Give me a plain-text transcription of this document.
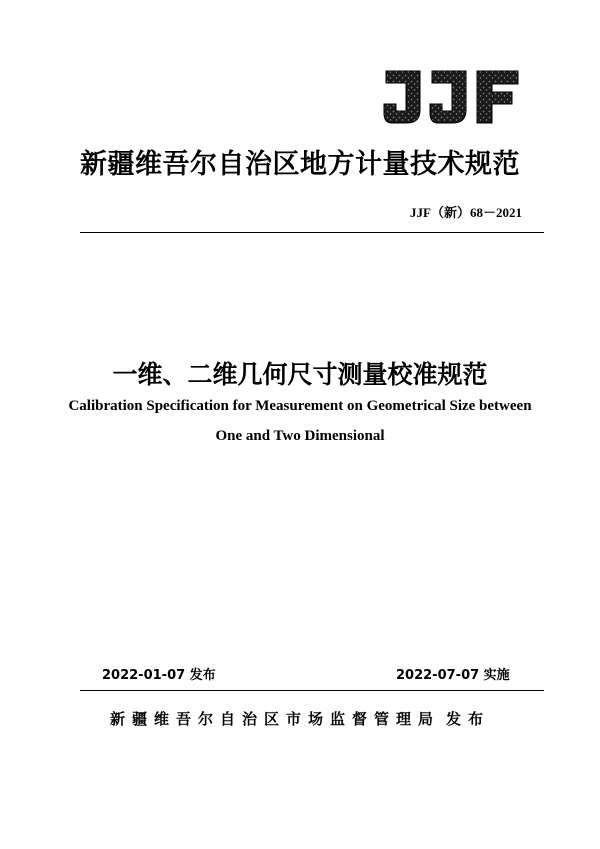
新疆维吾尔自治区地方计量技术规范
JJF（新）68－2021
一维、二维几何尺寸测量校准规范
Calibration Specification for Measurement on Geometrical Size between
One and Two Dimensional
2022-01-07 发布	2022-07-07 实施
新疆维吾尔自治区市场监督管理局 发布
